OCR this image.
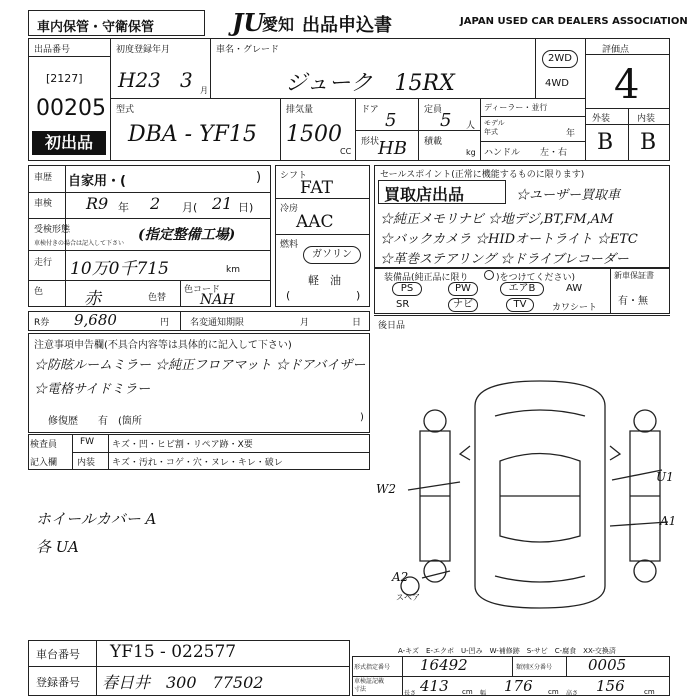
車内保管・守衛保管	JU
愛知 出品申込書	JAPAN USED CAR DEALERS ASSOCIATION
出品番号
[2127]
00205
初出品
初度登録年月
H23 3 月
車名・グレード
ジューク　15RX
2WD
4WD
評価点
4
外装	内装
B B
型式
DBA - YF15
排気量
1500
CC
ドア 5
形状
HB
定員
5 人
積載
kg
ディーラー・並行
モデル
年式	年
ハンドル 左・右
車歴 自家用・(	)
車検 R9 年 2 月( 21 日)
受検形態
車検付きの場合は記入して下さい
(指定整備工場)
走行 10万0千715	km
色 赤	色替
色コード
NAH
シフト
FAT
冷房
AAC
燃料
ガソリン
軽　油
(	)
セールスポイント(正常に機能するものに限ります)
買取店出品	☆ユーザー買取車
☆純正メモリナビ ☆地デジ,BT,FM,AM
☆バックカメラ ☆HIDオートライト ☆ETC
☆革巻ステアリング ☆ドライブレコーダー
装備品(純正品に限り	)をつけてください)
PS	PW	エアB	AW
SR	ナビ	TV	カワシート
新車保証書
有・無
R券 9,680	円 名変通知期限	月	日 後日品
注意事項申告欄(不具合内容等は具体的に記入して下さい)
☆防眩ルームミラー ☆純正フロアマット ☆ドアバイザー
☆電格サイドミラー
修復歴　　有　(箇所	)
検査員
記入欄
FW キズ・凹・ヒビ割・リペア跡・X要
内装 キズ・汚れ・コゲ・穴・ヌレ・キレ・破レ
ホイールカバー A
各 UA
W2
U1
A1
A2
スペア
A-キズ　E-エクボ　U-凹み　W-補修跡　S-サビ　C-腐食　XX-交換済
車台番号 YF15 - 022577
登録番号 春日井　300　77502
形式指定番号 16492	類別区分番号 0005
車検証記載
寸法
長さ 413 cm 幅 176 cm 高さ 156	cm
